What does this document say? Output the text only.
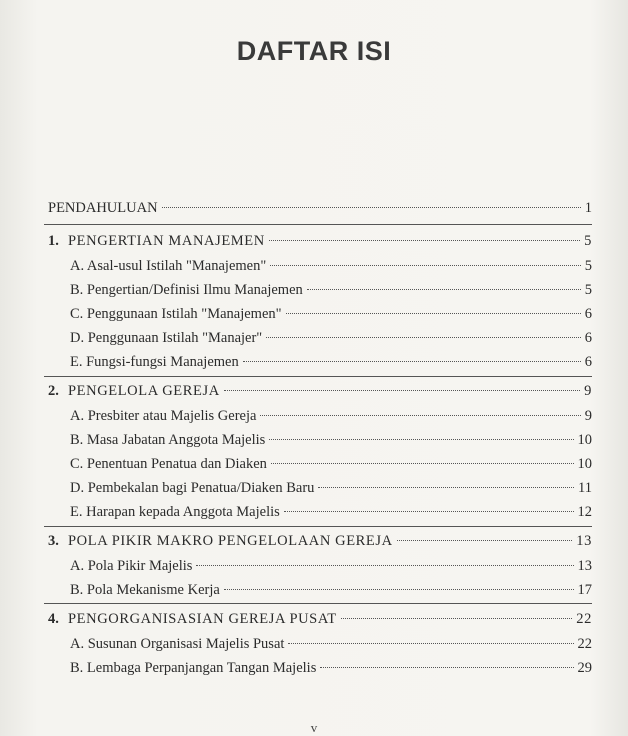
DAFTAR ISI
PENDAHULUAN	1
1. PENGERTIAN MANAJEMEN	5
A. Asal-usul Istilah "Manajemen"	5
B. Pengertian/Definisi Ilmu Manajemen	5
C. Penggunaan Istilah "Manajemen"	6
D. Penggunaan Istilah "Manajer"	6
E. Fungsi-fungsi Manajemen	6
2. PENGELOLA GEREJA	9
A. Presbiter atau Majelis Gereja	9
B. Masa Jabatan Anggota Majelis	10
C. Penentuan Penatua dan Diaken	10
D. Pembekalan bagi Penatua/Diaken Baru	11
E. Harapan kepada Anggota Majelis	12
3. POLA PIKIR MAKRO PENGELOLAAN GEREJA	13
A. Pola Pikir Majelis	13
B. Pola Mekanisme Kerja	17
4. PENGORGANISASIAN GEREJA PUSAT	22
A. Susunan Organisasi Majelis Pusat	22
B. Lembaga Perpanjangan Tangan Majelis	29
v
